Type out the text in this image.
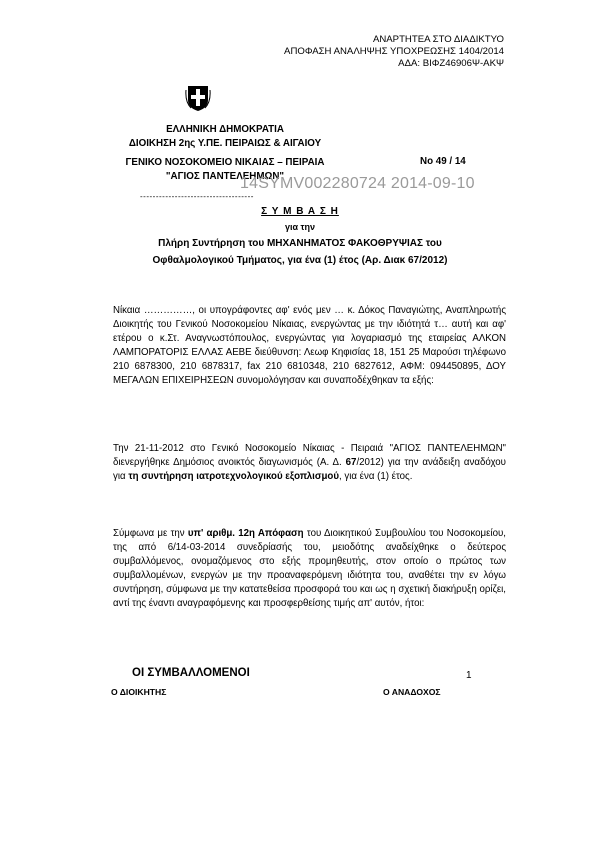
ΑΝΑΡΤΗΤΕΑ ΣΤΟ ΔΙΑΔΙΚΤΥΟ
ΑΠΟΦΑΣΗ ΑΝΑΛΗΨΗΣ ΥΠΟΧΡΕΩΣΗΣ 1404/2014
ΑΔΑ: ΒΙΦΖ46906Ψ-ΑΚΨ
ΕΛΛΗΝΙΚΗ ΔΗΜΟΚΡΑΤΙΑ
ΔΙΟΙΚΗΣΗ 2ης Υ.ΠΕ. ΠΕΙΡΑΙΩΣ & ΑΙΓΑΙΟΥ
ΓΕΝΙΚΟ ΝΟΣΟΚΟΜΕΙΟ ΝΙΚΑΙΑΣ – ΠΕΙΡΑΙΑ
"ΑΓΙΟΣ ΠΑΝΤΕΛΕΗΜΩΝ"
Νο 49 / 14
14SYMV002280724 2014-09-10
------------------------------------
Σ Υ Μ Β Α Σ Η
για την
Πλήρη Συντήρηση του ΜΗΧΑΝΗΜΑΤΟΣ ΦΑΚΟΘΡΥΨΙΑΣ του
Οφθαλμολογικού Τμήματος, για ένα (1) έτος (Αρ. Διακ 67/2012)
Νίκαια ……………, οι υπογράφοντες αφ' ενός μεν … κ. Δόκος Παναγιώτης, Αναπληρωτής Διοικητής του Γενικού Νοσοκομείου Νίκαιας, ενεργώντας με την ιδιότητά τ… αυτή και αφ' ετέρου ο κ.Στ. Αναγνωστόπουλος, ενεργώντας για λογαριασμό της εταιρείας ΑΛΚΟΝ ΛΑΜΠΟΡΑΤΟΡΙΣ ΕΛΛΑΣ ΑΕΒΕ διεύθυνση: Λεωφ Κηφισίας 18, 151 25 Μαρούσι τηλέφωνο 210 6878300, 210 6878317, fax 210 6810348, 210 6827612, ΑΦΜ: 094450895, ΔΟΥ ΜΕΓΑΛΩΝ ΕΠΙΧΕΙΡΗΣΕΩΝ συνομολόγησαν και συναποδέχθηκαν τα εξής:
Την 21-11-2012 στο Γενικό Νοσοκομείο Νίκαιας - Πειραιά "ΑΓΙΟΣ ΠΑΝΤΕΛΕΗΜΩΝ" διενεργήθηκε Δημόσιος ανοικτός διαγωνισμός (Α. Δ. 67/2012) για την ανάδειξη αναδόχου για τη συντήρηση ιατροτεχνολογικού εξοπλισμού, για ένα (1) έτος.
Σύμφωνα με την υπ' αριθμ. 12η Απόφαση του Διοικητικού Συμβουλίου του Νοσοκομείου, της από 6/14-03-2014 συνεδρίασής του, μειοδότης αναδείχθηκε ο δεύτερος συμβαλλόμενος, ονομαζόμενος στο εξής προμηθευτής, στον οποίο ο πρώτος των συμβαλλομένων, ενεργών με την προαναφερόμενη ιδιότητα του, αναθέτει την εν λόγω συντήρηση, σύμφωνα με την κατατεθείσα προσφορά του και ως η σχετική διακήρυξη ορίζει, αντί της έναντι αναγραφόμενης και προσφερθείσης τιμής απ' αυτόν, ήτοι:
ΟΙ ΣΥΜΒΑΛΛΟΜΕΝΟΙ	1
Ο ΔΙΟΙΚΗΤΗΣ	Ο ΑΝΑΔΟΧΟΣ
